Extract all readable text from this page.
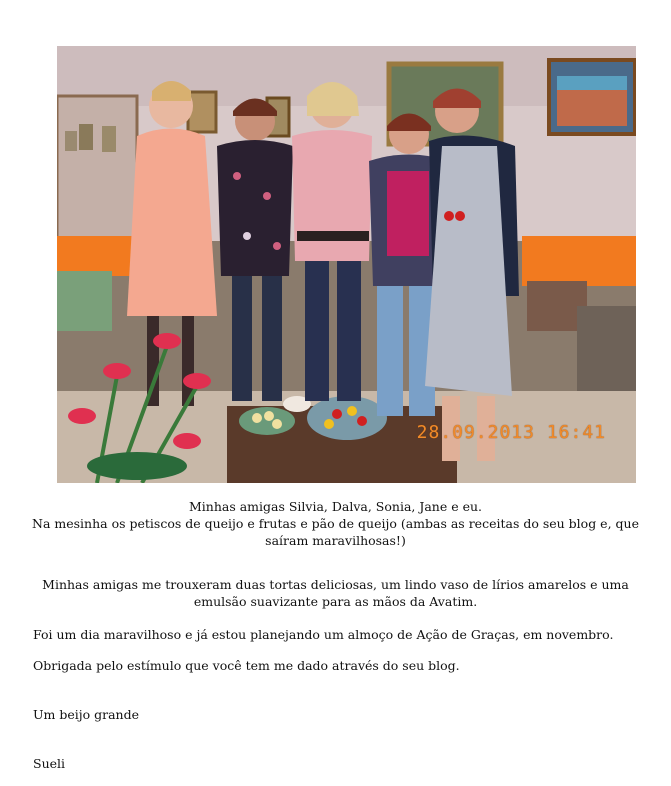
28.09.2013 16:41
Minhas amigas Silvia, Dalva, Sonia, Jane e eu.
Na mesinha os petiscos de queijo e frutas e pão de queijo (ambas as receitas do seu blog e, que saíram maravilhosas!)
Minhas amigas me trouxeram duas tortas deliciosas, um lindo vaso de lírios amarelos e uma emulsão suavizante para as mãos da Avatim.
Foi um dia maravilhoso e já estou planejando um almoço de Ação de Graças, em novembro.
Obrigada pelo estímulo que você tem me dado através do seu blog.
Um beijo grande
Sueli
